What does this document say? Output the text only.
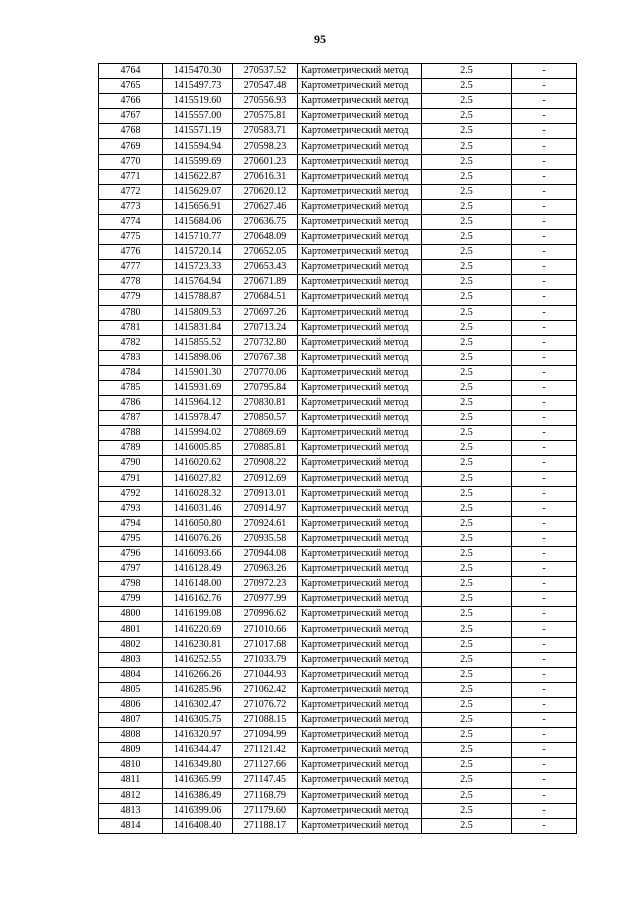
95
4764	1415470.30	270537.52	Картометрический метод	2.5	-
4765	1415497.73	270547.48	Картометрический метод	2.5	-
4766	1415519.60	270556.93	Картометрический метод	2.5	-
4767	1415557.00	270575.81	Картометрический метод	2.5	-
4768	1415571.19	270583.71	Картометрический метод	2.5	-
4769	1415594.94	270598.23	Картометрический метод	2.5	-
4770	1415599.69	270601.23	Картометрический метод	2.5	-
4771	1415622.87	270616.31	Картометрический метод	2.5	-
4772	1415629.07	270620.12	Картометрический метод	2.5	-
4773	1415656.91	270627.46	Картометрический метод	2.5	-
4774	1415684.06	270636.75	Картометрический метод	2.5	-
4775	1415710.77	270648.09	Картометрический метод	2.5	-
4776	1415720.14	270652.05	Картометрический метод	2.5	-
4777	1415723.33	270653.43	Картометрический метод	2.5	-
4778	1415764.94	270671.89	Картометрический метод	2.5	-
4779	1415788.87	270684.51	Картометрический метод	2.5	-
4780	1415809.53	270697.26	Картометрический метод	2.5	-
4781	1415831.84	270713.24	Картометрический метод	2.5	-
4782	1415855.52	270732.80	Картометрический метод	2.5	-
4783	1415898.06	270767.38	Картометрический метод	2.5	-
4784	1415901.30	270770.06	Картометрический метод	2.5	-
4785	1415931.69	270795.84	Картометрический метод	2.5	-
4786	1415964.12	270830.81	Картометрический метод	2.5	-
4787	1415978.47	270850.57	Картометрический метод	2.5	-
4788	1415994.02	270869.69	Картометрический метод	2.5	-
4789	1416005.85	270885.81	Картометрический метод	2.5	-
4790	1416020.62	270908.22	Картометрический метод	2.5	-
4791	1416027.82	270912.69	Картометрический метод	2.5	-
4792	1416028.32	270913.01	Картометрический метод	2.5	-
4793	1416031.46	270914.97	Картометрический метод	2.5	-
4794	1416050.80	270924.61	Картометрический метод	2.5	-
4795	1416076.26	270935.58	Картометрический метод	2.5	-
4796	1416093.66	270944.08	Картометрический метод	2.5	-
4797	1416128.49	270963.26	Картометрический метод	2.5	-
4798	1416148.00	270972.23	Картометрический метод	2.5	-
4799	1416162.76	270977.99	Картометрический метод	2.5	-
4800	1416199.08	270996.62	Картометрический метод	2.5	-
4801	1416220.69	271010.66	Картометрический метод	2.5	-
4802	1416230.81	271017.68	Картометрический метод	2.5	-
4803	1416252.55	271033.79	Картометрический метод	2.5	-
4804	1416266.26	271044.93	Картометрический метод	2.5	-
4805	1416285.96	271062.42	Картометрический метод	2.5	-
4806	1416302.47	271076.72	Картометрический метод	2.5	-
4807	1416305.75	271088.15	Картометрический метод	2.5	-
4808	1416320.97	271094.99	Картометрический метод	2.5	-
4809	1416344.47	271121.42	Картометрический метод	2.5	-
4810	1416349.80	271127.66	Картометрический метод	2.5	-
4811	1416365.99	271147.45	Картометрический метод	2.5	-
4812	1416386.49	271168.79	Картометрический метод	2.5	-
4813	1416399.06	271179.60	Картометрический метод	2.5	-
4814	1416408.40	271188.17	Картометрический метод	2.5	-
